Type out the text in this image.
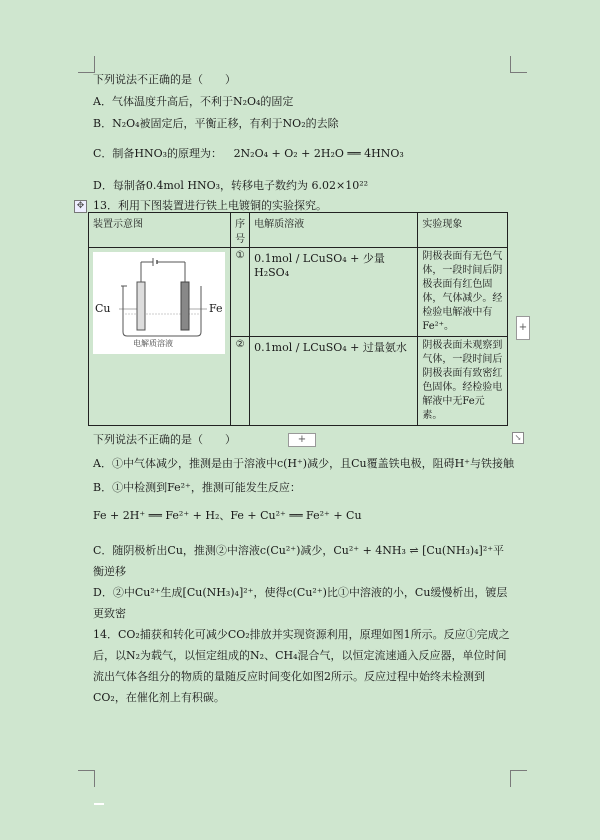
下列说法不正确的是（　　）
A．气体温度升高后，不利于N₂O₄的固定
B．N₂O₄被固定后，平衡正移，有利于NO₂的去除
C．制备HNO₃的原理为： 2N₂O₄ + O₂ + 2H₂O ══ 4HNO₃
D．每制备0.4mol HNO₃，转移电子数约为 6.02×10²²
✥ 13．利用下图装置进行铁上电镀铜的实验探究。
装置示意图	序号	电解质溶液	实验现象

Cu Fe
电解质溶液	①	0.1mol / LCuSO₄ + 少量H₂SO₄	阴极表面有无色气体，一段时间后阴极表面有红色固体，气体减少。经检验电解液中有Fe²⁺。
	②	0.1mol / LCuSO₄ + 过量氨水	阴极表面未观察到气体，一段时间后阴极表面有致密红色固体。经检验电解液中无Fe元素。
+
+	↘
下列说法不正确的是（　　）
A．①中气体减少，推测是由于溶液中c(H⁺)减少，且Cu覆盖铁电极，阻碍H⁺与铁接触
B．①中检测到Fe²⁺，推测可能发生反应：
Fe + 2H⁺ ══ Fe²⁺ + H₂、Fe + Cu²⁺ ══ Fe²⁺ + Cu
C．随阴极析出Cu，推测②中溶液c(Cu²⁺)减少，Cu²⁺ + 4NH₃ ⇌ [Cu(NH₃)₄]²⁺平衡逆移
D．②中Cu²⁺生成[Cu(NH₃)₄]²⁺，使得c(Cu²⁺)比①中溶液的小，Cu缓慢析出，镀层更致密
14．CO₂捕获和转化可减少CO₂排放并实现资源利用，原理如图1所示。反应①完成之后，以N₂为载气，以恒定组成的N₂、CH₄混合气，以恒定流速通入反应器，单位时间流出气体各组分的物质的量随反应时间变化如图2所示。反应过程中始终未检测到CO₂，在催化剂上有积碳。
